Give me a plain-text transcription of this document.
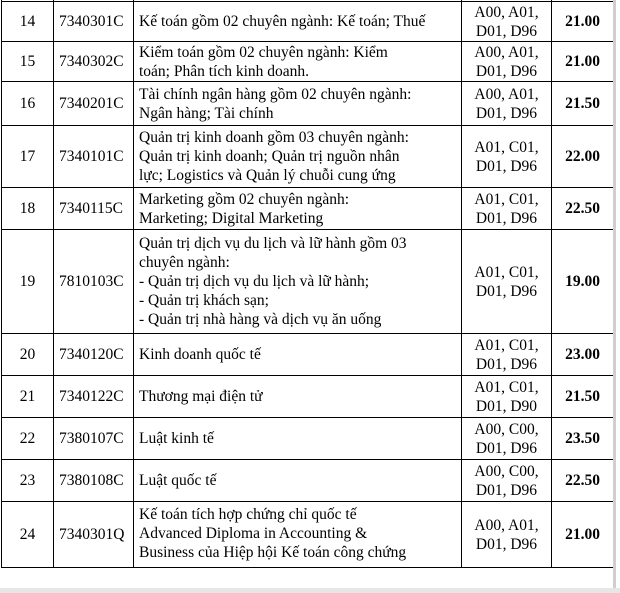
14	7340301C	Kế toán gồm 02 chuyên ngành: Kế toán; Thuế	A00, A01,
D01, D96	21.00
15	7340302C	Kiểm toán gồm 02 chuyên ngành: Kiểm
toán; Phân tích kinh doanh.	A00, A01,
D01, D96	21.00
16	7340201C	Tài chính ngân hàng gồm 02 chuyên ngành:
Ngân hàng; Tài chính	A00, A01,
D01, D96	21.50
17	7340101C	Quản trị kinh doanh gồm 03 chuyên ngành:
Quản trị kinh doanh; Quản trị nguồn nhân
lực; Logistics và Quản lý chuỗi cung ứng	A01, C01,
D01, D96	22.00
18	7340115C	Marketing gồm 02 chuyên ngành:
Marketing; Digital Marketing	A01, C01,
D01, D96	22.50
19	7810103C	Quản trị dịch vụ du lịch và lữ hành gồm 03
chuyên ngành:
- Quản trị dịch vụ du lịch và lữ hành;
- Quản trị khách sạn;
- Quản trị nhà hàng và dịch vụ ăn uống	A01, C01,
D01, D96	19.00
20	7340120C	Kinh doanh quốc tế	A01, C01,
D01, D96	23.00
21	7340122C	Thương mại điện tử	A01, C01,
D01, D90	21.50
22	7380107C	Luật kinh tế	A00, C00,
D01, D96	23.50
23	7380108C	Luật quốc tế	A00, C00,
D01, D96	22.50
24	7340301Q	Kế toán tích hợp chứng chỉ quốc tế
Advanced Diploma in Accounting &
Business của Hiệp hội Kế toán công chứng	A00, A01,
D01, D96	21.00
